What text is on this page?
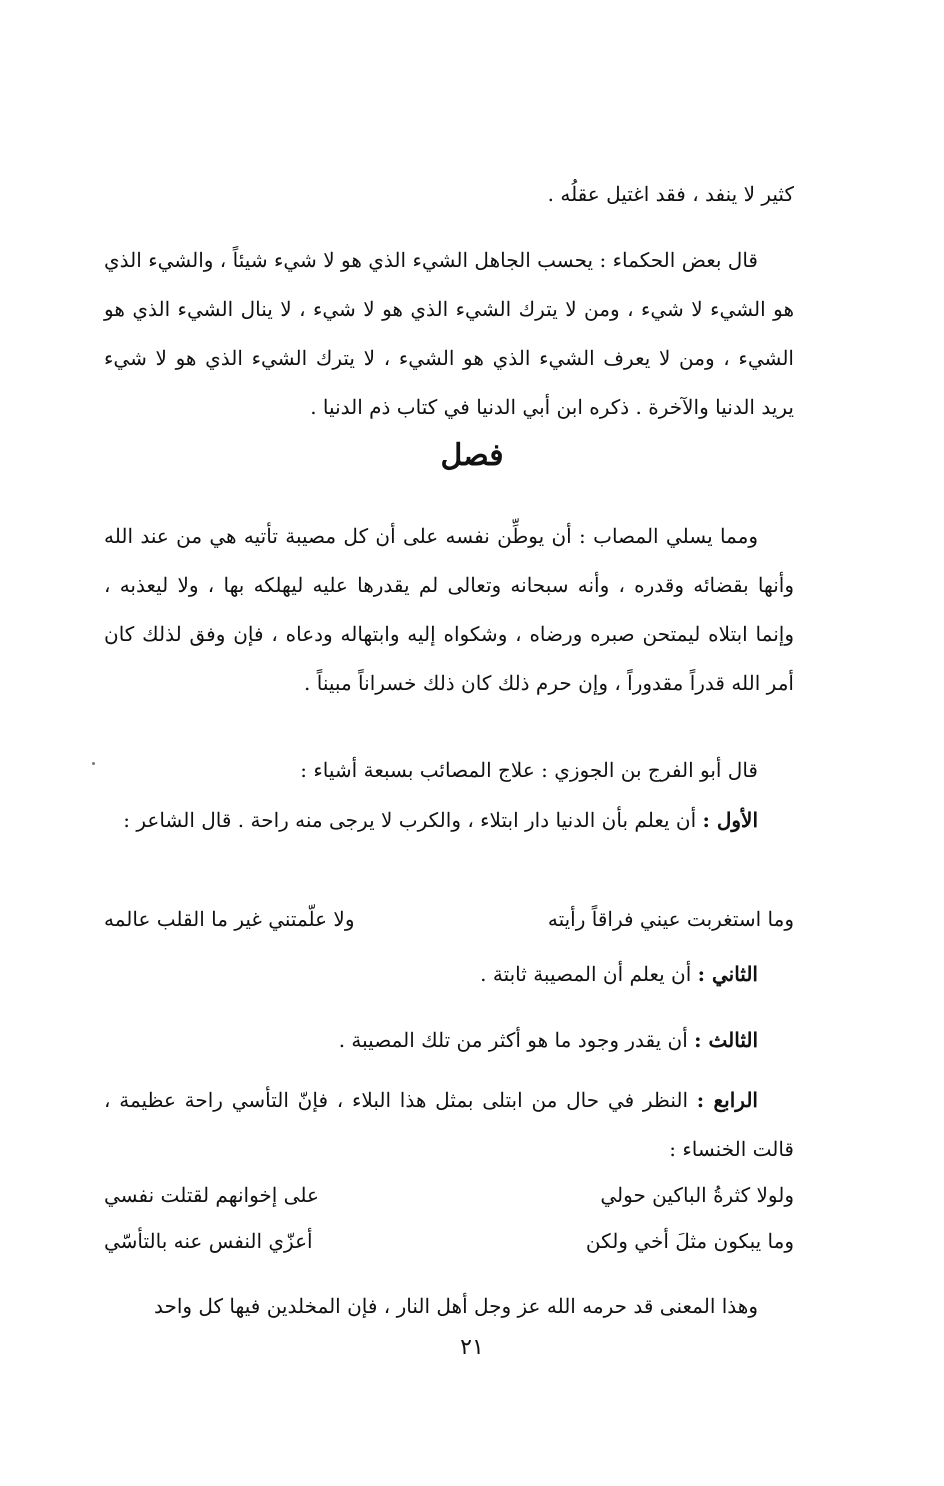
كثير لا ينفد ، فقد اغتيل عقلُه .

قال بعض الحكماء : يحسب الجاهل الشيء الذي هو لا شيء شيئاً ، والشيء الذي هو الشيء لا شيء ، ومن لا يترك الشيء الذي هو لا شيء ، لا ينال الشيء الذي هو الشيء ، ومن لا يعرف الشيء الذي هو الشيء ، لا يترك الشيء الذي هو لا شيء يريد الدنيا والآخرة . ذكره ابن أبي الدنيا في كتاب ذم الدنيا .

فصل

ومما يسلي المصاب : أن يوطِّن نفسه على أن كل مصيبة تأتيه هي من عند الله وأنها بقضائه وقدره ، وأنه سبحانه وتعالى لم يقدرها عليه ليهلكه بها ، ولا ليعذبه ، وإنما ابتلاه ليمتحن صبره ورضاه ، وشكواه إليه وابتهاله ودعاه ، فإن وفق لذلك كان أمر الله قدراً مقدوراً ، وإن حرم ذلك كان ذلك خسراناً مبيناً .

قال أبو الفرج بن الجوزي : علاج المصائب بسبعة أشياء :

الأول : أن يعلم بأن الدنيا دار ابتلاء ، والكرب لا يرجى منه راحة . قال الشاعر :

وما استغربت عيني فراقاً رأيته
ولا علّمتني غير ما القلب عالمه

الثاني : أن يعلم أن المصيبة ثابتة .

الثالث : أن يقدر وجود ما هو أكثر من تلك المصيبة .

الرابع : النظر في حال من ابتلى بمثل هذا البلاء ، فإنّ التأسي راحة عظيمة ، قالت الخنساء :

ولولا كثرةُ الباكين حولي
على إخوانهم لقتلت نفسي
وما يبكون مثلَ أخي ولكن
أعزّي النفس عنه بالتأسّي

وهذا المعنى قد حرمه الله عز وجل أهل النار ، فإن المخلدين فيها كل واحد

٢١
